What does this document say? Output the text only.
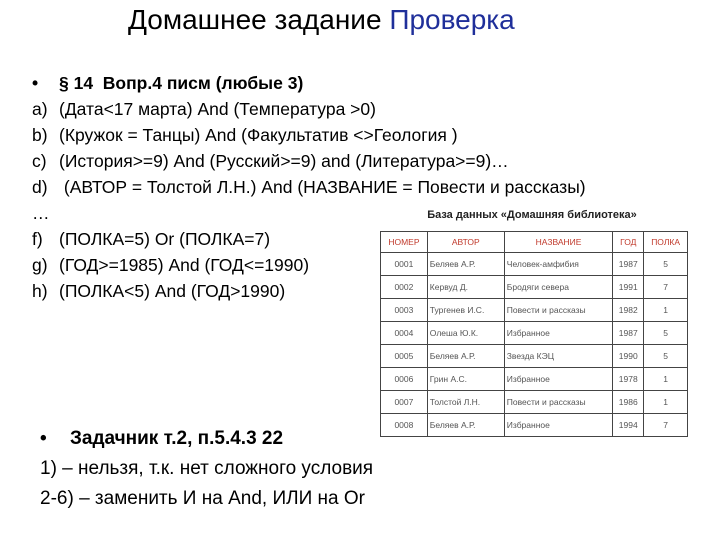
Домашнее задание Проверка
•	§ 14  Вопр.4 писм (любые 3)
a) (Дата<17 марта) And (Температура >0)
b) (Кружок = Танцы) And (Факультатив <>Геология )
c) (История>=9) And (Русский>=9) and (Литература>=9)…
d) (АВТОР = Толстой Л.Н.) And (НАЗВАНИЕ = Повести и рассказы)
…
f) (ПОЛКА=5) Or (ПОЛКА=7)
g) (ГОД>=1985) And (ГОД<=1990)
h) (ПОЛКА<5) And (ГОД>1990)
База данных «Домашняя библиотека»
НОМЕР	АВТОР	НАЗВАНИЕ	ГОД	ПОЛКА
0001	Беляев А.Р.	Человек-амфибия	1987	5
0002	Кервуд Д.	Бродяги севера	1991	7
0003	Тургенев И.С.	Повести и рассказы	1982	1
0004	Олеша Ю.К.	Избранное	1987	5
0005	Беляев А.Р.	Звезда КЭЦ	1990	5
0006	Грин А.С.	Избранное	1978	1
0007	Толстой Л.Н.	Повести и рассказы	1986	1
0008	Беляев А.Р.	Избранное	1994	7
• Задачник т.2, п.5.4.3 22
1) – нельзя, т.к. нет сложного условия
2-6) – заменить И на And, ИЛИ на Or
